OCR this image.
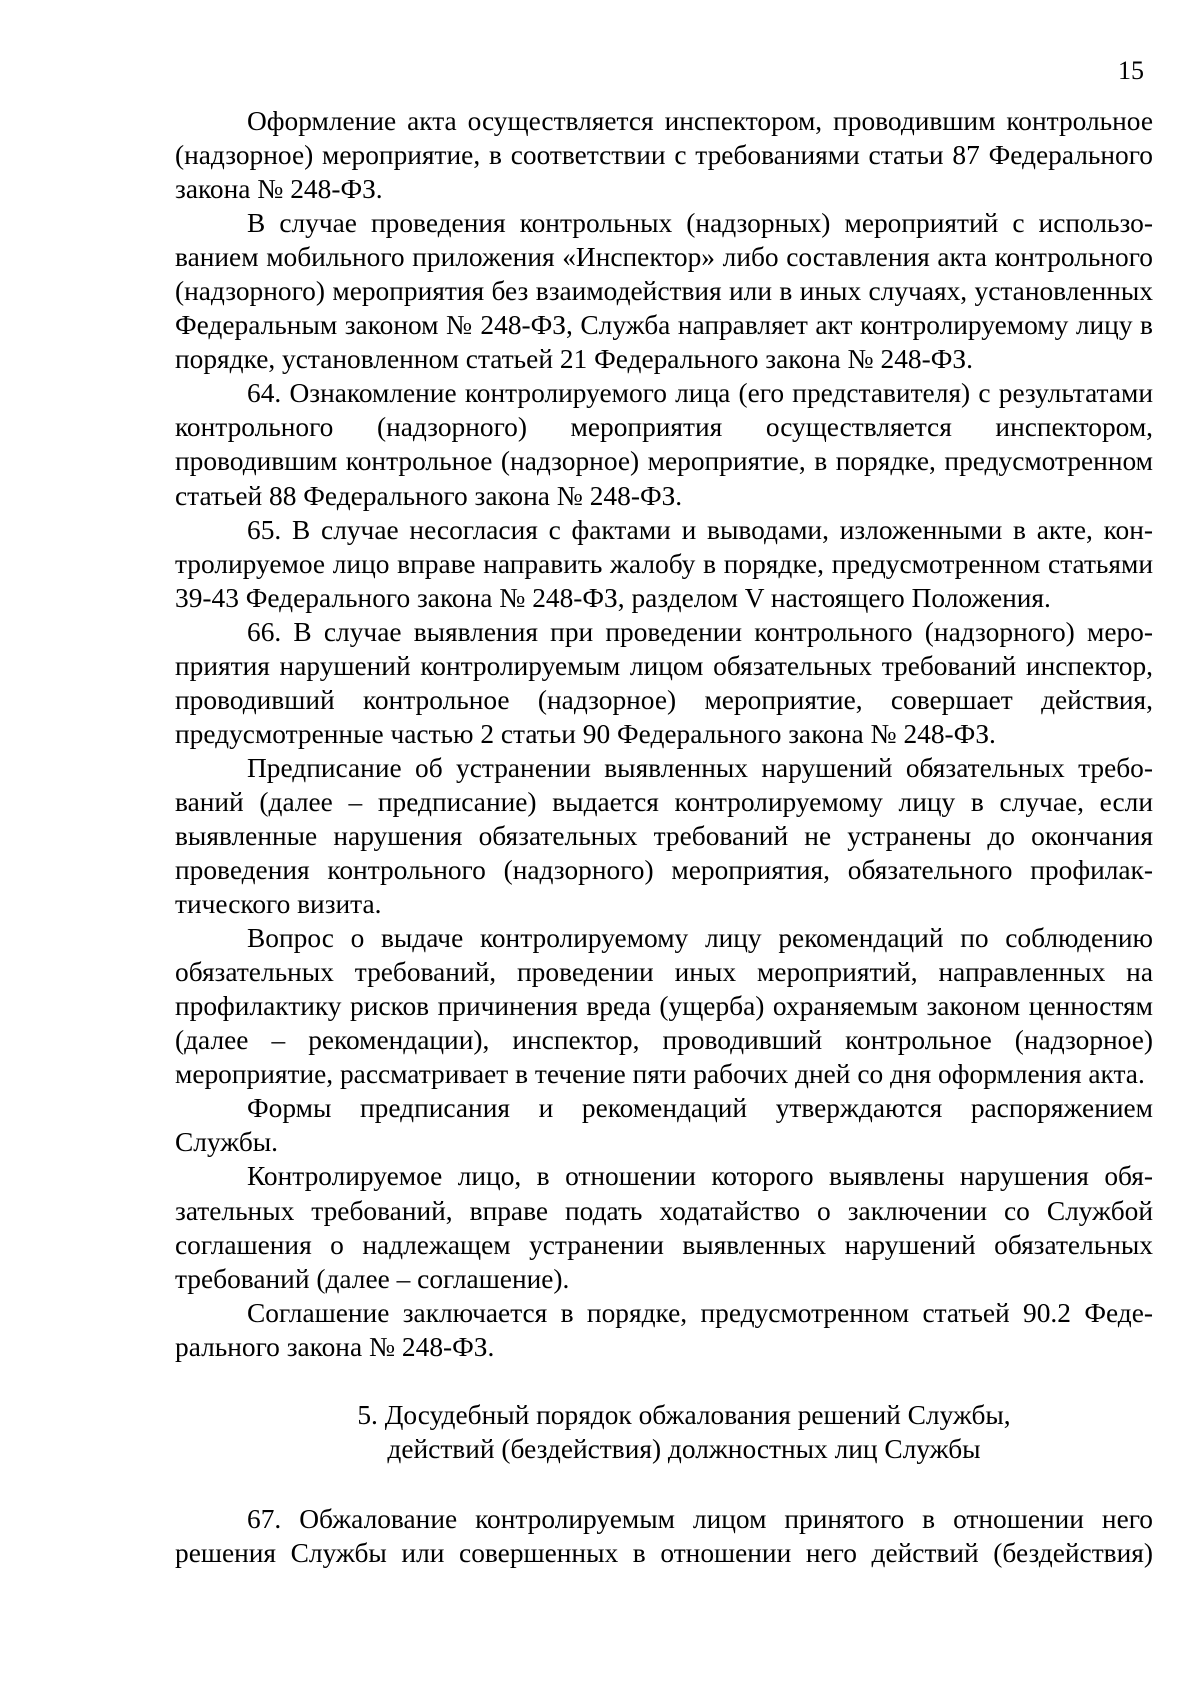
15

Оформление акта осуществляется инспектором, проводившим контрольное (надзорное) мероприятие, в соответствии с требованиями статьи 87 Федерального закона № 248-ФЗ.

В случае проведения контрольных (надзорных) мероприятий с использованием мобильного приложения «Инспектор» либо составления акта контрольного (надзорного) мероприятия без взаимодействия или в иных случаях, установленных Федеральным законом № 248-ФЗ, Служба направляет акт контролируемому лицу в порядке, установленном статьей 21 Федерального закона № 248-ФЗ.

64. Ознакомление контролируемого лица (его представителя) с результатами контрольного (надзорного) мероприятия осуществляется инспектором, проводившим контрольное (надзорное) мероприятие, в порядке, предусмотренном статьей 88 Федерального закона № 248-ФЗ.

65. В случае несогласия с фактами и выводами, изложенными в акте, контролируемое лицо вправе направить жалобу в порядке, предусмотренном статьями 39-43 Федерального закона № 248-ФЗ, разделом V настоящего Положения.

66. В случае выявления при проведении контрольного (надзорного) мероприятия нарушений контролируемым лицом обязательных требований инспектор, проводивший контрольное (надзорное) мероприятие, совершает действия, предусмотренные частью 2 статьи 90 Федерального закона № 248-ФЗ.

Предписание об устранении выявленных нарушений обязательных требований (далее – предписание) выдается контролируемому лицу в случае, если выявленные нарушения обязательных требований не устранены до окончания проведения контрольного (надзорного) мероприятия, обязательного профилактического визита.

Вопрос о выдаче контролируемому лицу рекомендаций по соблюдению обязательных требований, проведении иных мероприятий, направленных на профилактику рисков причинения вреда (ущерба) охраняемым законом ценностям (далее – рекомендации), инспектор, проводивший контрольное (надзорное) мероприятие, рассматривает в течение пяти рабочих дней со дня оформления акта.

Формы предписания и рекомендаций утверждаются распоряжением Службы.

Контролируемое лицо, в отношении которого выявлены нарушения обязательных требований, вправе подать ходатайство о заключении со Службой соглашения о надлежащем устранении выявленных нарушений обязательных требований (далее – соглашение).

Соглашение заключается в порядке, предусмотренном статьей 90.2 Федерального закона № 248-ФЗ.

5. Досудебный порядок обжалования решений Службы,
действий (бездействия) должностных лиц Службы

67. Обжалование контролируемым лицом принятого в отношении него решения Службы или совершенных в отношении него действий (бездействия)
